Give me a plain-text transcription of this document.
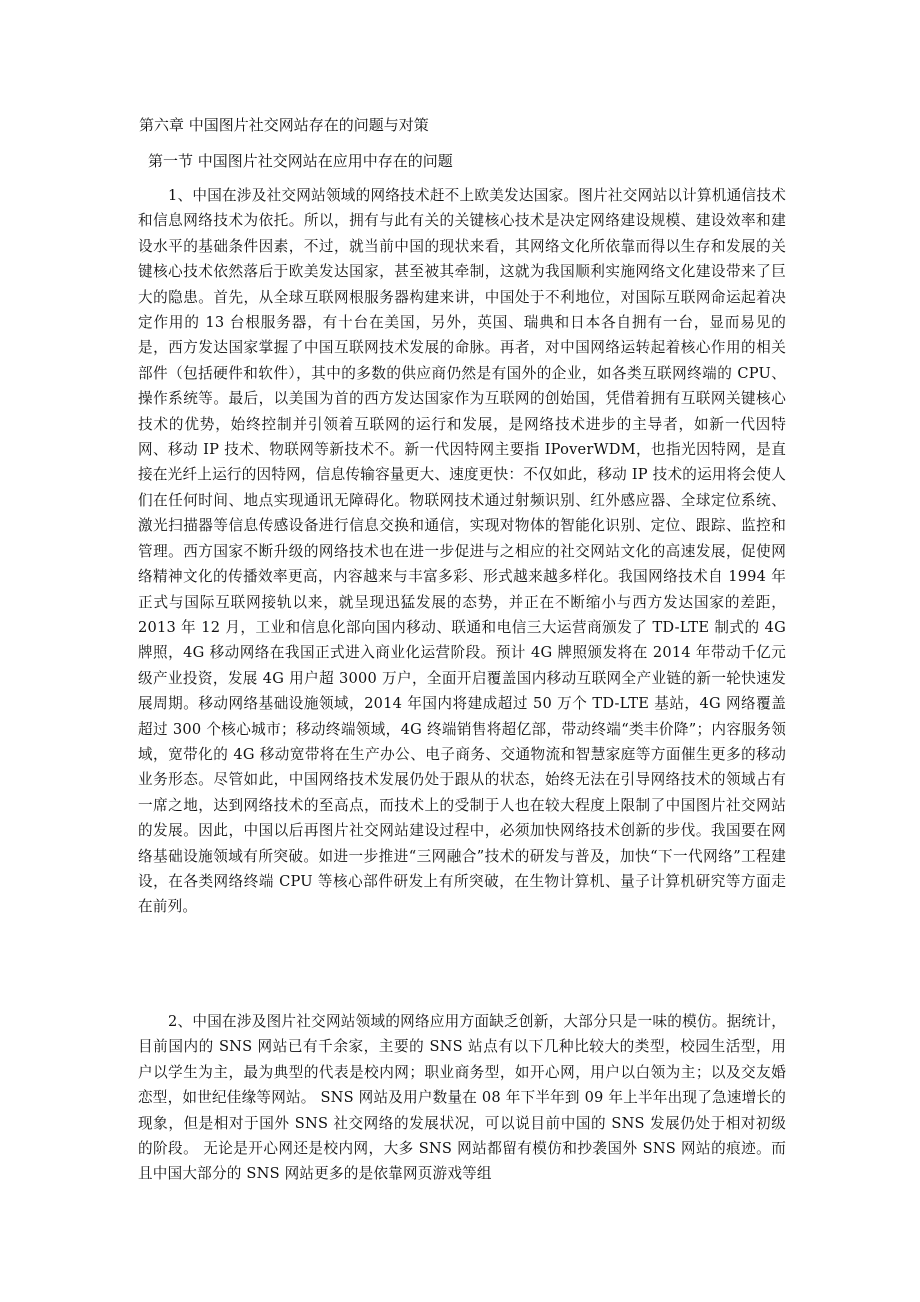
第六章 中国图片社交网站存在的问题与对策
第一节 中国图片社交网站在应用中存在的问题

1、中国在涉及社交网站领域的网络技术赶不上欧美发达国家。图片社交网站以计算机通信技术和信息网络技术为依托。所以，拥有与此有关的关键核心技术是决定网络建设规模、建设效率和建设水平的基础条件因素，不过，就当前中国的现状来看，其网络文化所依靠而得以生存和发展的关键核心技术依然落后于欧美发达国家，甚至被其牵制，这就为我国顺利实施网络文化建设带来了巨大的隐患。首先，从全球互联网根服务器构建来讲，中国处于不利地位，对国际互联网命运起着决定作用的 13 台根服务器，有十台在美国，另外，英国、瑞典和日本各自拥有一台，显而易见的是，西方发达国家掌握了中国互联网技术发展的命脉。再者，对中国网络运转起着核心作用的相关部件（包括硬件和软件），其中的多数的供应商仍然是有国外的企业，如各类互联网终端的 CPU、操作系统等。最后，以美国为首的西方发达国家作为互联网的创始国，凭借着拥有互联网关键核心技术的优势，始终控制并引领着互联网的运行和发展，是网络技术进步的主导者，如新一代因特网、移动 IP 技术、物联网等新技术不。新一代因特网主要指 IPoverWDM，也指光因特网，是直接在光纤上运行的因特网，信息传输容量更大、速度更快：不仅如此，移动 IP 技术的运用将会使人们在任何时间、地点实现通讯无障碍化。物联网技术通过射频识别、红外感应器、全球定位系统、激光扫描器等信息传感设备进行信息交换和通信，实现对物体的智能化识别、定位、跟踪、监控和管理。西方国家不断升级的网络技术也在进一步促进与之相应的社交网站文化的高速发展，促使网络精神文化的传播效率更高，内容越来与丰富多彩、形式越来越多样化。我国网络技术自 1994 年正式与国际互联网接轨以来，就呈现迅猛发展的态势，并正在不断缩小与西方发达国家的差距，2013 年 12 月，工业和信息化部向国内移动、联通和电信三大运营商颁发了 TD-LTE 制式的 4G 牌照，4G 移动网络在我国正式进入商业化运营阶段。预计 4G 牌照颁发将在 2014 年带动千亿元级产业投资，发展 4G 用户超 3000 万户，全面开启覆盖国内移动互联网全产业链的新一轮快速发展周期。移动网络基础设施领域，2014 年国内将建成超过 50 万个 TD-LTE 基站，4G 网络覆盖超过 300 个核心城市；移动终端领域，4G 终端销售将超亿部，带动终端“类丰价降”；内容服务领域，宽带化的 4G 移动宽带将在生产办公、电子商务、交通物流和智慧家庭等方面催生更多的移动业务形态。尽管如此，中国网络技术发展仍处于跟从的状态，始终无法在引导网络技术的领域占有一席之地，达到网络技术的至高点，而技术上的受制于人也在较大程度上限制了中国图片社交网站的发展。因此，中国以后再图片社交网站建设过程中，必须加快网络技术创新的步伐。我国要在网络基础设施领域有所突破。如进一步推进“三网融合”技术的研发与普及，加快“下一代网络”工程建设，在各类网络终端 CPU 等核心部件研发上有所突破，在生物计算机、量子计算机研究等方面走在前列。

2、中国在涉及图片社交网站领域的网络应用方面缺乏创新，大部分只是一味的模仿。据统计，目前国内的 SNS 网站已有千余家，主要的 SNS 站点有以下几种比较大的类型，校园生活型，用户以学生为主，最为典型的代表是校内网；职业商务型，如开心网，用户以白领为主；以及交友婚恋型，如世纪佳缘等网站。 SNS 网站及用户数量在 08 年下半年到 09 年上半年出现了急速增长的现象，但是相对于国外 SNS 社交网络的发展状况，可以说目前中国的 SNS 发展仍处于相对初级的阶段。 无论是开心网还是校内网，大多 SNS 网站都留有模仿和抄袭国外 SNS 网站的痕迹。而且中国大部分的 SNS 网站更多的是依靠网页游戏等组
